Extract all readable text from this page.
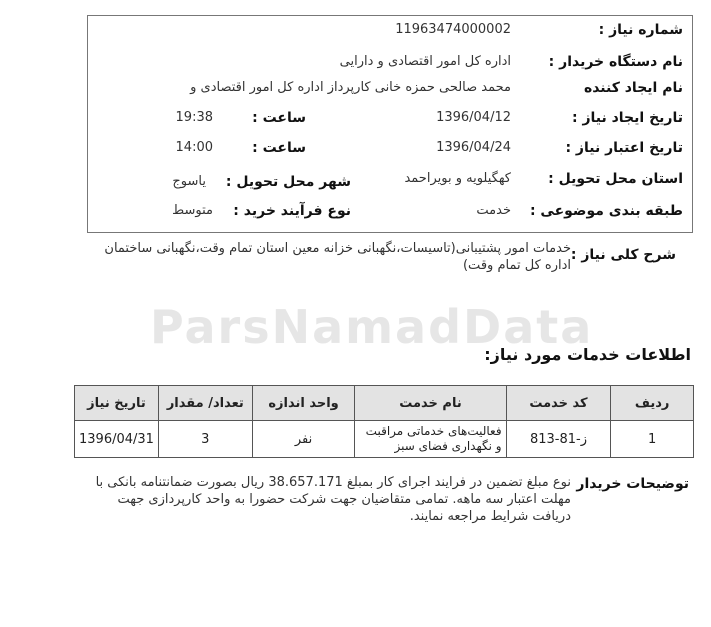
ParsNamadData
شماره نیاز :
11963474000002
نام دستگاه خریدار :
اداره کل امور اقتصادی و دارایی
نام ایجاد کننده
محمد صالحی حمزه خانی کارپرداز اداره کل امور اقتصادی و
تاریخ ایجاد نیاز :
1396/04/12
ساعت :
19:38
تاریخ اعتبار نیاز :
1396/04/24
ساعت :
14:00
استان محل تحویل :
کهگیلویه و بویراحمد
شهر محل تحویل :
یاسوج
طبقه بندی موضوعی :
خدمت
نوع فرآیند خرید :
متوسط
شرح کلی نیاز :
خدمات امور پشتیبانی(تاسیسات،نگهبانی خزانه معین استان تمام وقت،نگهبانی ساختمان اداره کل تمام وقت)
اطلاعات خدمات مورد نیاز:
ردیف	کد خدمت	نام خدمت	واحد اندازه	تعداد/ مقدار	تاریخ نیاز
1	ز-81-813	فعالیت‌های خدماتی مراقبت و نگهداری فضای سبز	نفر	3	1396/04/31
توضیحات خریدار
نوع مبلغ تضمین در فرایند اجرای کار بمبلغ 38.657.171 ریال بصورت ضمانتنامه بانکی با مهلت اعتبار سه ماهه. تمامی متقاضیان جهت شرکت حضورا به واحد کارپردازی جهت دریافت شرایط مراجعه نمایند.
